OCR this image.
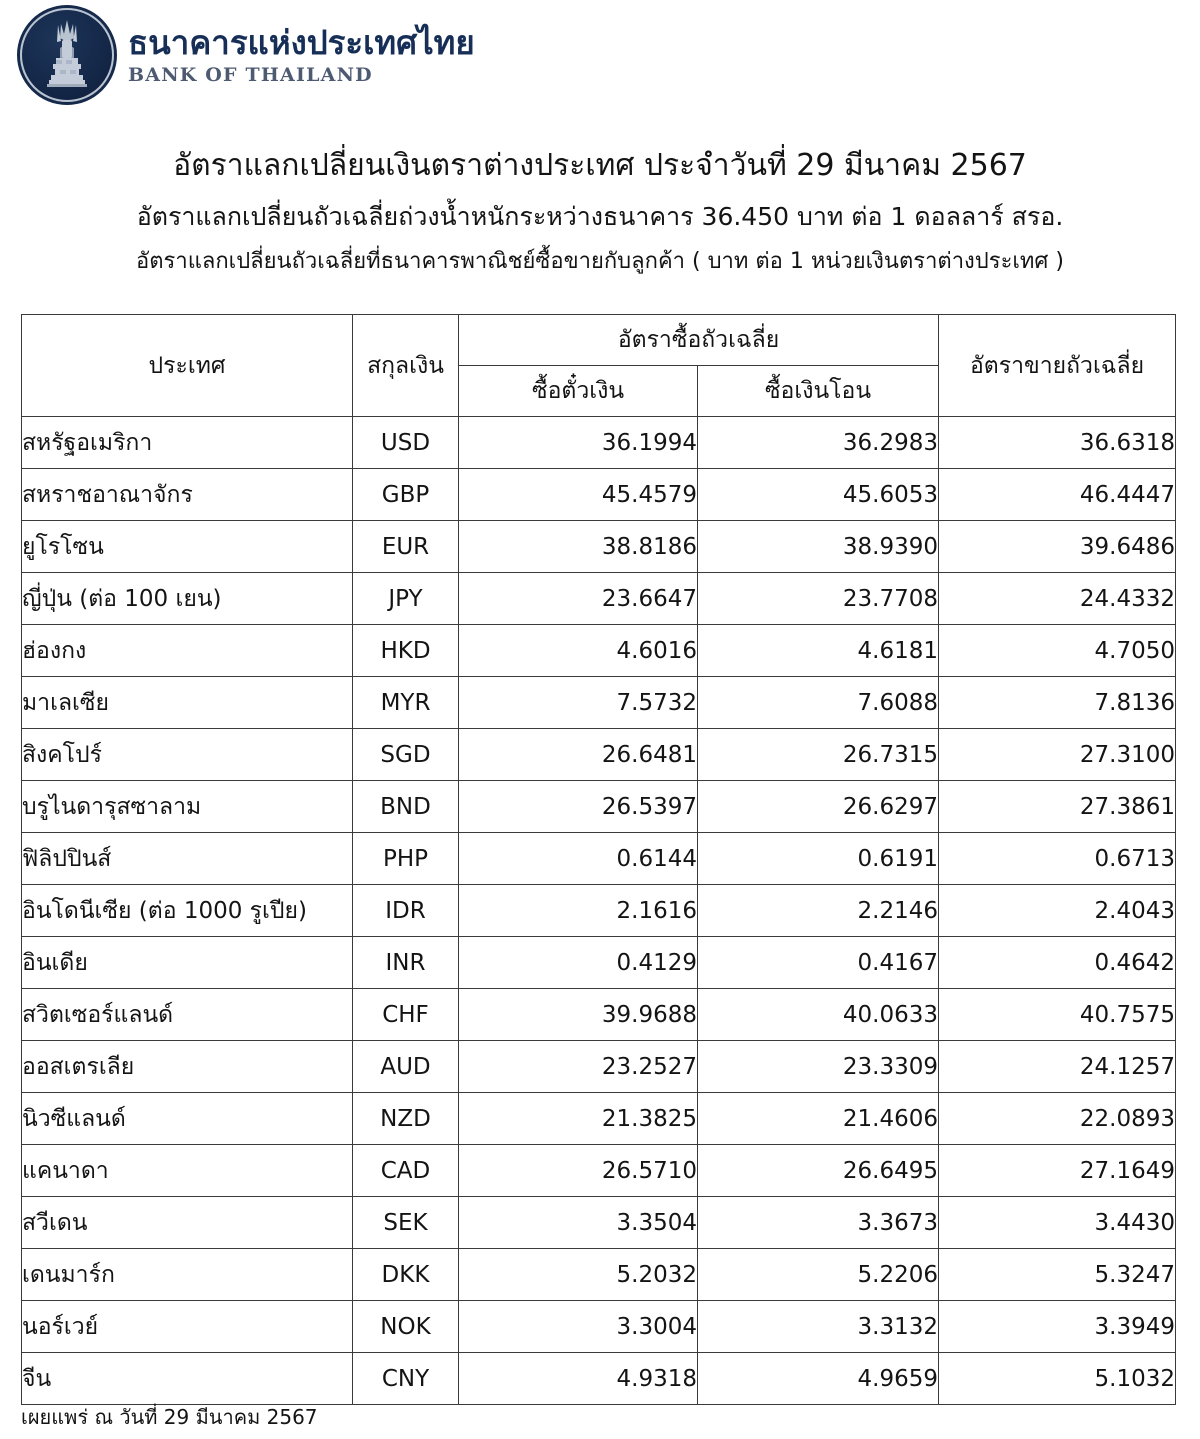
ธนาคารแห่งประเทศไทย
BANK OF THAILAND
อัตราแลกเปลี่ยนเงินตราต่างประเทศ ประจำวันที่ 29 มีนาคม 2567
อัตราแลกเปลี่ยนถัวเฉลี่ยถ่วงน้ำหนักระหว่างธนาคาร 36.450 บาท ต่อ 1 ดอลลาร์ สรอ.
อัตราแลกเปลี่ยนถัวเฉลี่ยที่ธนาคารพาณิชย์ซื้อขายกับลูกค้า ( บาท ต่อ 1 หน่วยเงินตราต่างประเทศ )
ประเทศ	สกุลเงิน	อัตราซื้อถัวเฉลี่ย		อัตราขายถัวเฉลี่ย
		ซื้อตั๋วเงิน	ซื้อเงินโอน	
สหรัฐอเมริกา	USD	36.1994	36.2983	36.6318
สหราชอาณาจักร	GBP	45.4579	45.6053	46.4447
ยูโรโซน	EUR	38.8186	38.9390	39.6486
ญี่ปุ่น (ต่อ 100 เยน)	JPY	23.6647	23.7708	24.4332
ฮ่องกง	HKD	4.6016	4.6181	4.7050
มาเลเซีย	MYR	7.5732	7.6088	7.8136
สิงคโปร์	SGD	26.6481	26.7315	27.3100
บรูไนดารุสซาลาม	BND	26.5397	26.6297	27.3861
ฟิลิปปินส์	PHP	0.6144	0.6191	0.6713
อินโดนีเซีย (ต่อ 1000 รูเปีย)	IDR	2.1616	2.2146	2.4043
อินเดีย	INR	0.4129	0.4167	0.4642
สวิตเซอร์แลนด์	CHF	39.9688	40.0633	40.7575
ออสเตรเลีย	AUD	23.2527	23.3309	24.1257
นิวซีแลนด์	NZD	21.3825	21.4606	22.0893
แคนาดา	CAD	26.5710	26.6495	27.1649
สวีเดน	SEK	3.3504	3.3673	3.4430
เดนมาร์ก	DKK	5.2032	5.2206	5.3247
นอร์เวย์	NOK	3.3004	3.3132	3.3949
จีน	CNY	4.9318	4.9659	5.1032
เผยแพร่ ณ วันที่ 29 มีนาคม 2567
